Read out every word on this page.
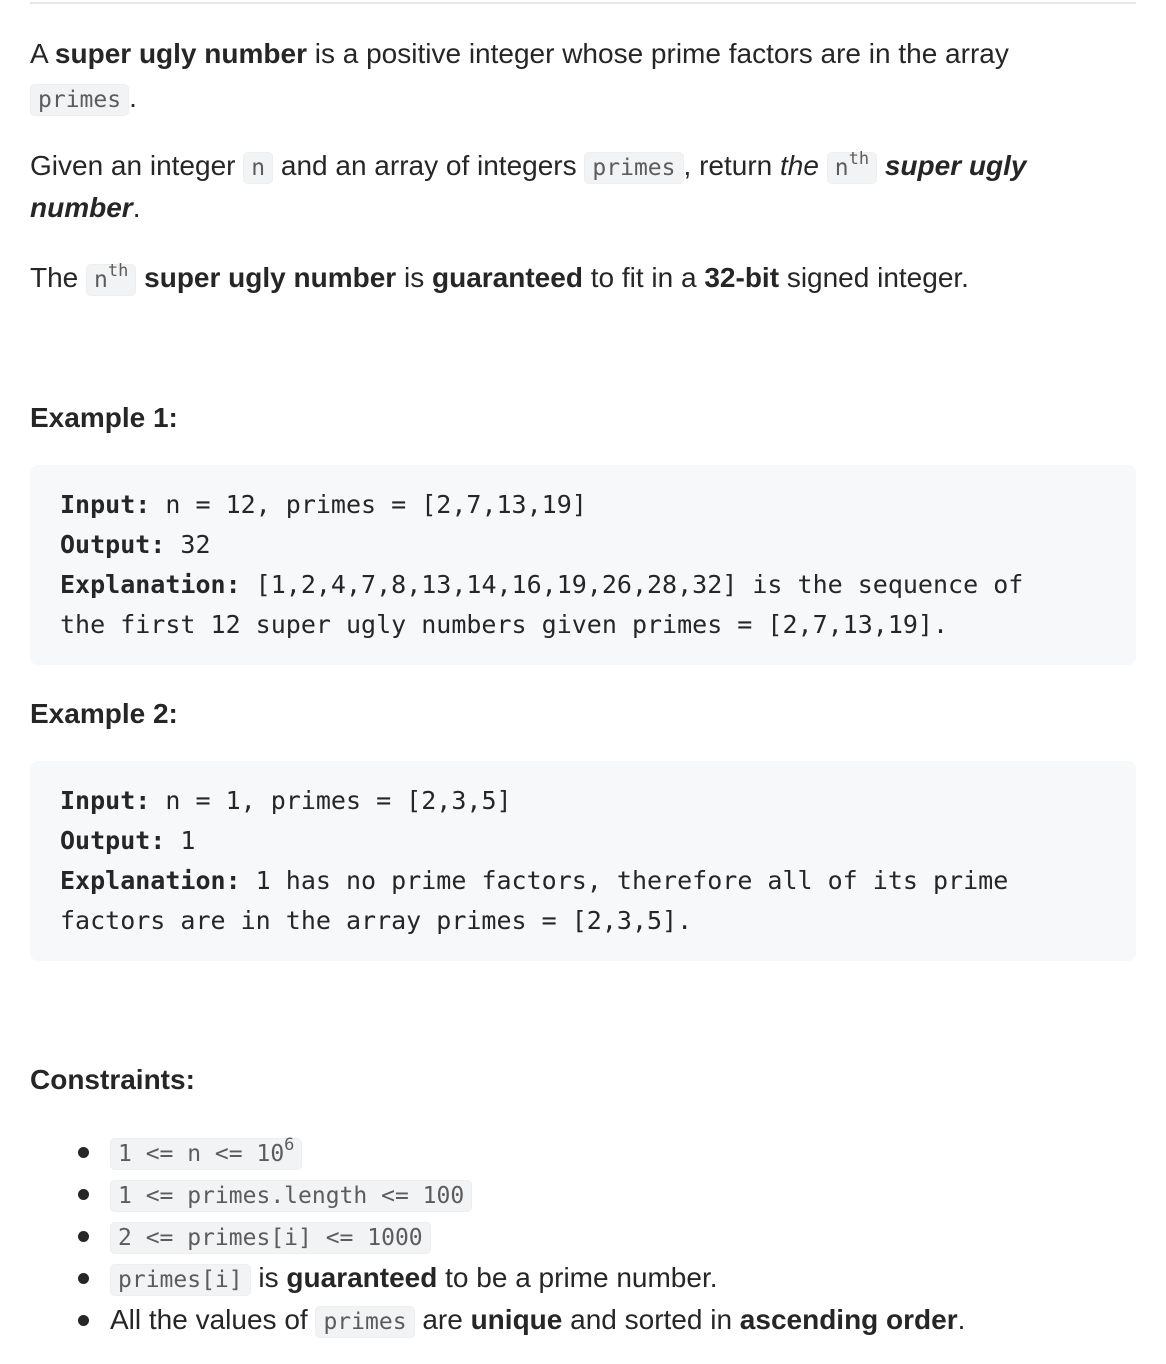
A super ugly number is a positive integer whose prime factors are in the array

primes .

Given an integer n and an array of integers primes , return the $n^{th}$ super ugly

number.

The $n^{th}$ super ugly number is guaranteed to fit in a 32-bit signed integer.

Example 1:
Input: n = 12, primes = [2,7,13,19]
Output: 32
Explanation: [1,2,4,7,8,13,14,16,19,26,28,32] is the sequence of
the first 12 super ugly numbers given primes = [2,7,13,19].
Example 2:
Input: n = 1, primes = [2,3,5]
Output: 1
Explanation: 1 has no prime factors, therefore all of its prime
factors are in the array primes = [2,3,5].
Constraints:
$1 <= n <= 10^6$
1 <= primes.length <= 100
2 <= primes[i] <= 1000
primes[i] is guaranteed to be a prime number.
All the values of primes are unique and sorted in ascending order.
